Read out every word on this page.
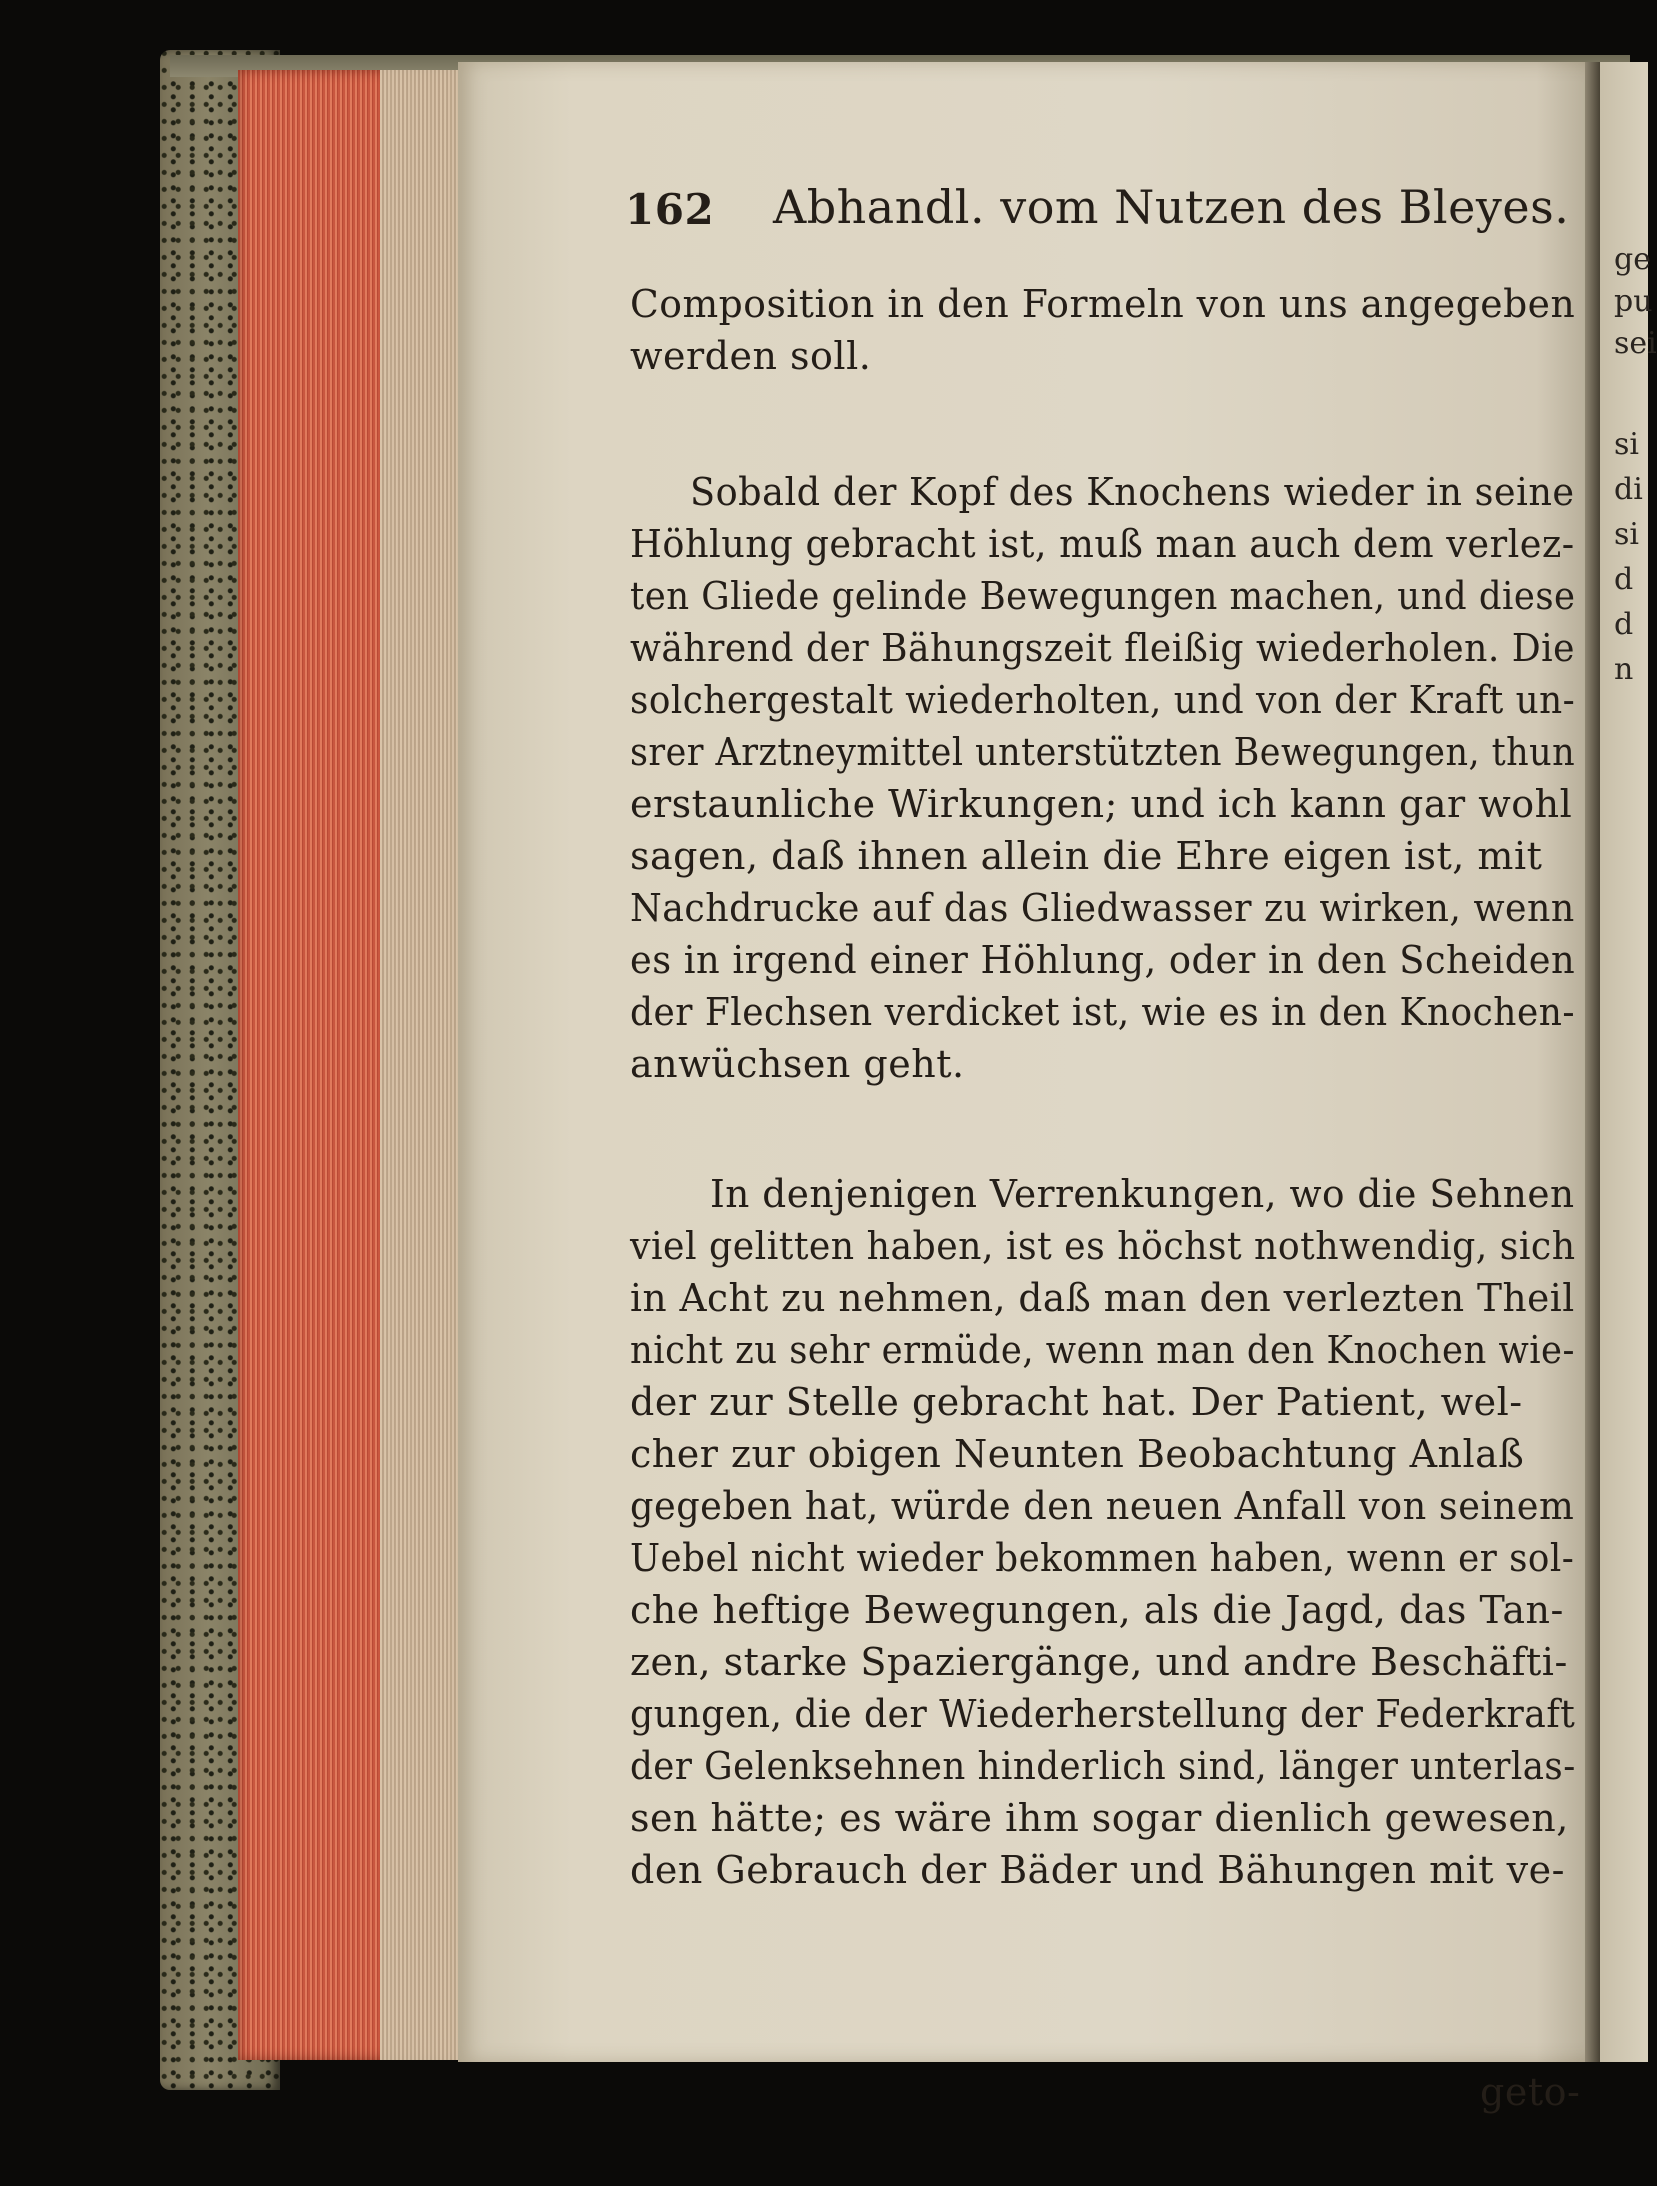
ge
pu
sei
si
di
si
d
d
n
162 Abhandl. vom Nutzen des Bleyes.
Composition in den Formeln von uns angegeben
werden soll.
Sobald der Kopf des Knochens wieder in seine
Höhlung gebracht ist, muß man auch dem verlez-
ten Gliede gelinde Bewegungen machen, und diese
während der Bähungszeit fleißig wiederholen. Die
solchergestalt wiederholten, und von der Kraft un-
srer Arztneymittel unterstützten Bewegungen, thun
erstaunliche Wirkungen; und ich kann gar wohl
sagen, daß ihnen allein die Ehre eigen ist, mit
Nachdrucke auf das Gliedwasser zu wirken, wenn
es in irgend einer Höhlung, oder in den Scheiden
der Flechsen verdicket ist, wie es in den Knochen-
anwüchsen geht.
In denjenigen Verrenkungen, wo die Sehnen
viel gelitten haben, ist es höchst nothwendig, sich
in Acht zu nehmen, daß man den verlezten Theil
nicht zu sehr ermüde, wenn man den Knochen wie-
der zur Stelle gebracht hat. Der Patient, wel-
cher zur obigen Neunten Beobachtung Anlaß
gegeben hat, würde den neuen Anfall von seinem
Uebel nicht wieder bekommen haben, wenn er sol-
che heftige Bewegungen, als die Jagd, das Tan-
zen, starke Spaziergänge, und andre Beschäfti-
gungen, die der Wiederherstellung der Federkraft
der Gelenksehnen hinderlich sind, länger unterlas-
sen hätte; es wäre ihm sogar dienlich gewesen,
den Gebrauch der Bäder und Bähungen mit ve-
geto-
